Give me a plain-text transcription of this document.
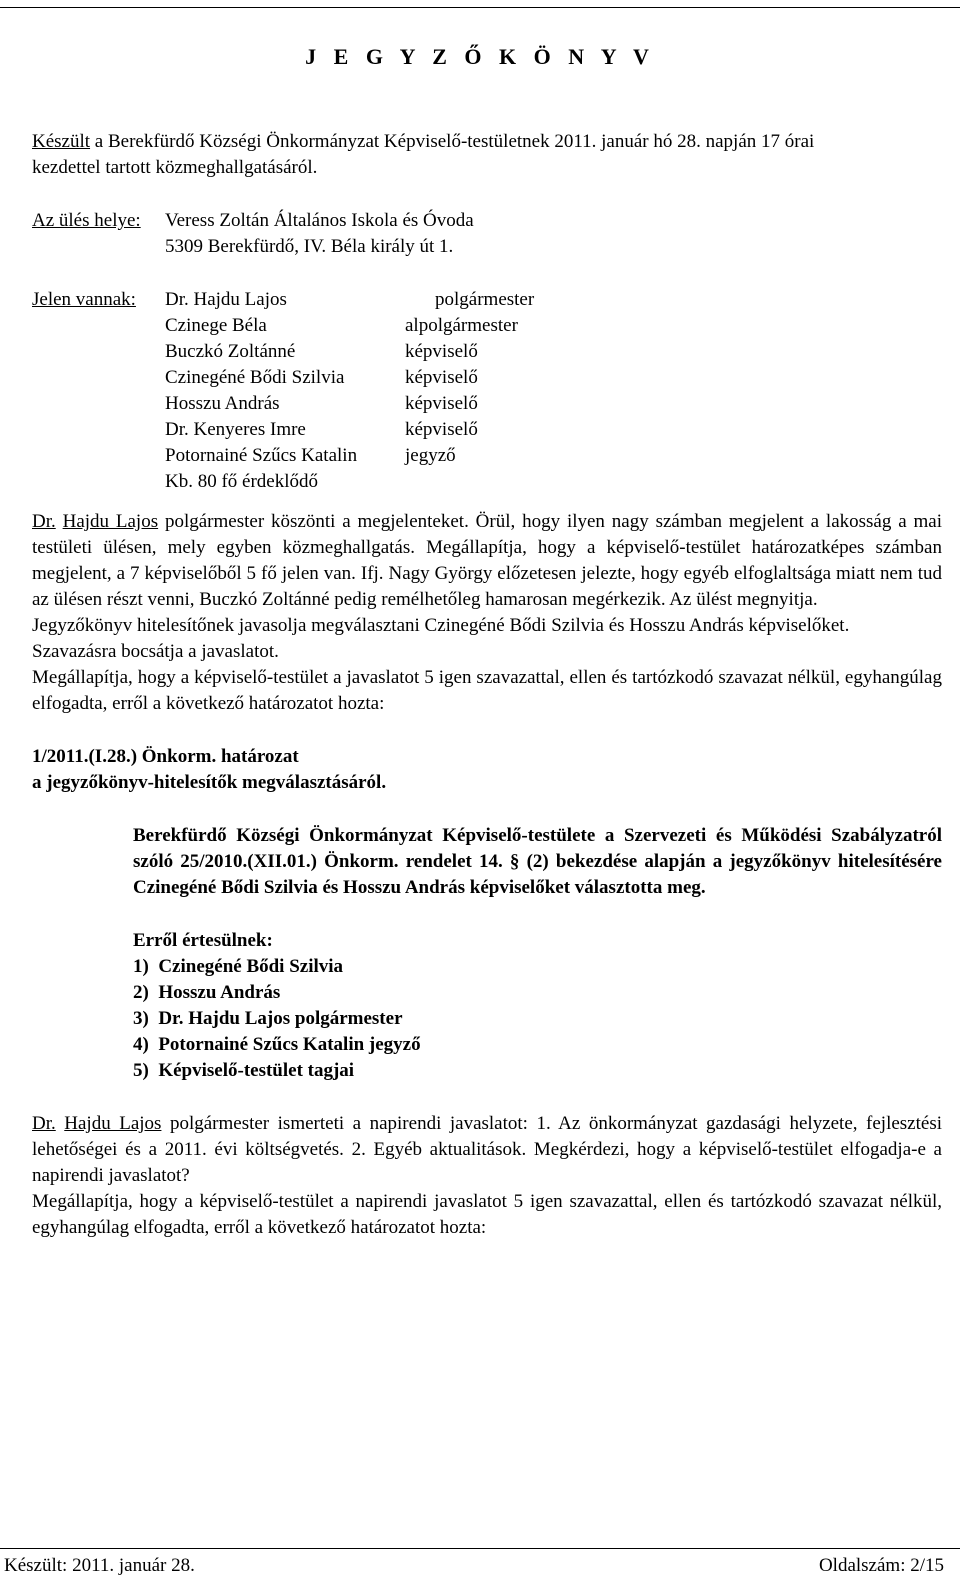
J E G Y Z Ő K Ö N Y V

Készült a Berekfürdő Községi Önkormányzat Képviselő-testületnek 2011. január hó 28. napján 17 órai

kezdettel tartott közmeghallgatásáról.

Az ülés helye:	Veress Zoltán Általános Iskola és Óvoda

5309 Berekfürdő, IV. Béla király út 1.

Jelen vannak:	Dr. Hajdu Lajos	polgármester
Czinege Béla	alpolgármester
Buczkó Zoltánné	képviselő
Czinegéné Bődi Szilvia	képviselő
Hosszu András	képviselő
Dr. Kenyeres Imre	képviselő
Potornainé Szűcs Katalin	jegyző
Kb. 80 fő érdeklődő

Dr. Hajdu Lajos polgármester köszönti a megjelenteket. Örül, hogy ilyen nagy számban megjelent a lakosság a mai testületi ülésen, mely egyben közmeghallgatás. Megállapítja, hogy a képviselő-testület határozatképes számban megjelent, a 7 képviselőből 5 fő jelen van. Ifj. Nagy György előzetesen jelezte, hogy egyéb elfoglaltsága miatt nem tud az ülésen részt venni, Buczkó Zoltánné pedig remélhetőleg hamarosan megérkezik. Az ülést megnyitja.

Jegyzőkönyv hitelesítőnek javasolja megválasztani Czinegéné Bődi Szilvia és Hosszu András képviselőket.

Szavazásra bocsátja a javaslatot.

Megállapítja, hogy a képviselő-testület a javaslatot 5 igen szavazattal, ellen és tartózkodó szavazat nélkül, egyhangúlag elfogadta, erről a következő határozatot hozta:

1/2011.(I.28.) Önkorm. határozat

a jegyzőkönyv-hitelesítők megválasztásáról.

Berekfürdő Községi Önkormányzat Képviselő-testülete a Szervezeti és Működési Szabályzatról szóló 25/2010.(XII.01.) Önkorm. rendelet 14. § (2) bekezdése alapján a jegyzőkönyv hitelesítésére Czinegéné Bődi Szilvia és Hosszu András képviselőket választotta meg.

Erről értesülnek:

1)  Czinegéné Bődi Szilvia

2)  Hosszu András

3)  Dr. Hajdu Lajos polgármester

4)  Potornainé Szűcs Katalin jegyző

5)  Képviselő-testület tagjai

Dr. Hajdu Lajos polgármester ismerteti a napirendi javaslatot: 1. Az önkormányzat gazdasági helyzete, fejlesztési lehetőségei és a 2011. évi költségvetés. 2. Egyéb aktualitások. Megkérdezi, hogy a képviselő-testület elfogadja-e a napirendi javaslatot?

Megállapítja, hogy a képviselő-testület a napirendi javaslatot 5 igen szavazattal, ellen és tartózkodó szavazat nélkül, egyhangúlag elfogadta, erről a következő határozatot hozta:

Készült: 2011. január 28.	Oldalszám: 2/15
